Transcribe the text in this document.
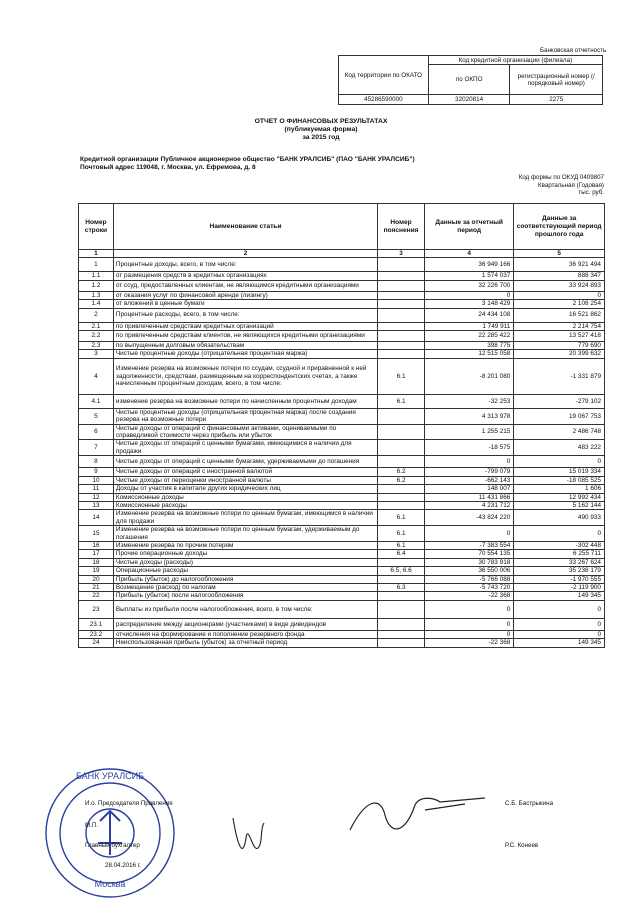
Банковская отчетность
Код территории по ОКАТО	Код кредитной организации (филиала)	
	по ОКПО	регистрационный номер (/порядковый номер)
45286590000	32020814	2275
ОТЧЕТ О ФИНАНСОВЫХ РЕЗУЛЬТАТАХ
(публикуемая форма)
за 2015 год
Кредитной организации Публичное акционерное общество "БАНК УРАЛСИБ" (ПАО "БАНК УРАЛСИБ")
Почтовый адрес 119048, г. Москва, ул. Ефремова, д. 8
Код формы по ОКУД 0409807
Квартальная (Годовая)
тыс. руб.
Номер строки	Наименование статьи	Номер пояснения	Данные за отчетный период	Данные за соответствующий период прошлого года
1	2	3	4	5
1	Процентные доходы, всего, в том числе:		36 949 166	36 921 494
1.1	от размещения средств в кредитных организациях		1 574 037	888 347
1.2	от ссуд, предоставленных клиентам, не являющимся кредитными организациями		32 226 700	33 924 893
1.3	от оказания услуг по финансовой аренде (лизингу)		0	0
1.4	от вложений в ценные бумаги		3 148 429	2 108 254
2	Процентные расходы, всего, в том числе:		24 434 108	16 521 862
2.1	по привлеченным средствам кредитных организаций		1 749 911	2 214 754
2.2	по привлеченным средствам клиентов, не являющихся кредитными организациями		22 285 422	13 527 418
2.3	по выпущенным долговым обязательствам		398 775	779 690
3	Чистые процентные доходы (отрицательная процентная маржа)		12 515 058	20 399 632
4	Изменение резерва на возможные потери по ссудам, ссудной и приравненной к ней задолженности, средствам, размещенным на корреспондентских счетах, а также начисленным процентным доходам, всего, в том числе:	6.1	-8 201 080	-1 331 879
4.1	изменение резерва на возможные потери по начисленным процентным доходам	6.1	-32 253	-279 102
5	Чистые процентные доходы (отрицательная процентная маржа) после создания резерва на возможные потери		4 313 978	19 067 753
6	Чистые доходы от операций с финансовыми активами, оцениваемыми по справедливой стоимости через прибыль или убыток		1 255 215	2 486 748
7	Чистые доходы от операций с ценными бумагами, имеющимися в наличии для продажи		-18 575	483 222
8	Чистые доходы от операций с ценными бумагами, удерживаемыми до погашения		0	0
9	Чистые доходы от операций с иностранной валютой	6.2	-799 079	15 019 334
10	Чистые доходы от переоценки иностранной валюты	6.2	-662 143	-18 085 525
11	Доходы от участия в капитале других юридических лиц		148 007	1 606
12	Комиссионные доходы		11 431 866	12 992 434
13	Комиссионные расходы		4 231 712	5 162 144
14	Изменение резерва на возможные потери по ценным бумагам, имеющимся в наличии для продажи	6.1	-43 824 220	490 933
15	Изменение резерва на возможные потери по ценным бумагам, удерживаемым до погашения	6.1	0	0
16	Изменение резерва по прочим потерям	6.1	-7 383 554	-302 448
17	Прочие операционные доходы	6.4	70 554 135	6 255 711
18	Чистые доходы (расходы)		30 783 918	33 267 624
19	Операционные расходы	6.5, 6.6	36 550 006	35 238 179
20	Прибыль (убыток) до налогообложения		-5 766 088	-1 970 555
21	Возмещение (расход) по налогам	6.3	-5 743 720	-2 119 900
22	Прибыль (убыток) после налогообложения		-22 368	149 345
23	Выплаты из прибыли после налогообложения, всего, в том числе:		0	0
23.1	распределение между акционерами (участниками) в виде дивидендов		0	0
23.2	отчисления на формирование и пополнение резервного фонда		0	0
24	Неиспользованная прибыль (убыток) за отчетный период		-22 368	149 345
БАНК УРАЛСИБ
Москва
И.о. Председателя Правления	С.Б. Бастрыкина
М.П.
Главный бухгалтер	Р.С. Конеев
28.04.2016 г.
